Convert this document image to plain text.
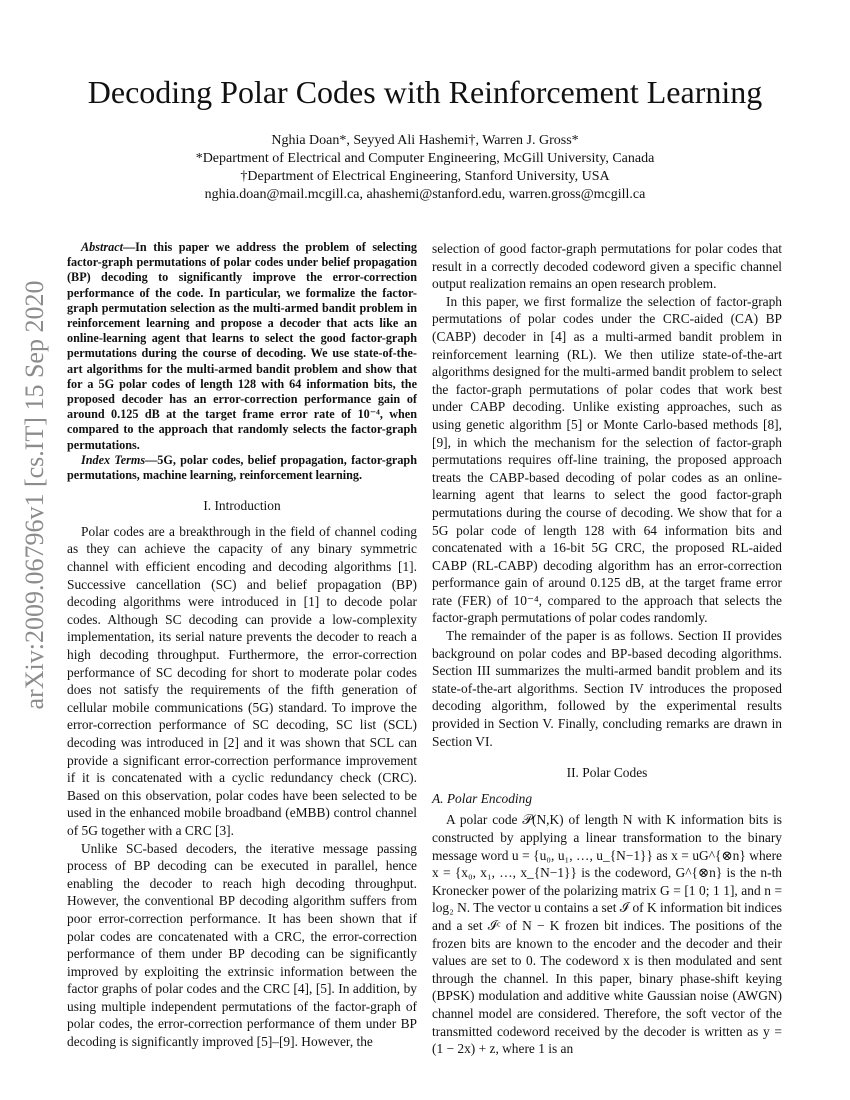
arXiv:2009.06796v1 [cs.IT] 15 Sep 2020
Decoding Polar Codes with Reinforcement Learning
Nghia Doan*, Seyyed Ali Hashemi†, Warren J. Gross*
*Department of Electrical and Computer Engineering, McGill University, Canada
†Department of Electrical Engineering, Stanford University, USA
nghia.doan@mail.mcgill.ca, ahashemi@stanford.edu, warren.gross@mcgill.ca

Abstract—In this paper we address the problem of selecting factor-graph permutations of polar codes under belief propagation (BP) decoding to significantly improve the error-correction performance of the code. In particular, we formalize the factor-graph permutation selection as the multi-armed bandit problem in reinforcement learning and propose a decoder that acts like an online-learning agent that learns to select the good factor-graph permutations during the course of decoding. We use state-of-the-art algorithms for the multi-armed bandit problem and show that for a 5G polar codes of length 128 with 64 information bits, the proposed decoder has an error-correction performance gain of around 0.125 dB at the target frame error rate of 10⁻⁴, when compared to the approach that randomly selects the factor-graph permutations.

Index Terms—5G, polar codes, belief propagation, factor-graph permutations, machine learning, reinforcement learning.

I. Introduction

Polar codes are a breakthrough in the field of channel coding as they can achieve the capacity of any binary symmetric channel with efficient encoding and decoding algorithms [1]. Successive cancellation (SC) and belief propagation (BP) decoding algorithms were introduced in [1] to decode polar codes. Although SC decoding can provide a low-complexity implementation, its serial nature prevents the decoder to reach a high decoding throughput. Furthermore, the error-correction performance of SC decoding for short to moderate polar codes does not satisfy the requirements of the fifth generation of cellular mobile communications (5G) standard. To improve the error-correction performance of SC decoding, SC list (SCL) decoding was introduced in [2] and it was shown that SCL can provide a significant error-correction performance improvement if it is concatenated with a cyclic redundancy check (CRC). Based on this observation, polar codes have been selected to be used in the enhanced mobile broadband (eMBB) control channel of 5G together with a CRC [3].

Unlike SC-based decoders, the iterative message passing process of BP decoding can be executed in parallel, hence enabling the decoder to reach high decoding throughput. However, the conventional BP decoding algorithm suffers from poor error-correction performance. It has been shown that if polar codes are concatenated with a CRC, the error-correction performance of them under BP decoding can be significantly improved by exploiting the extrinsic information between the factor graphs of polar codes and the CRC [4], [5]. In addition, by using multiple independent permutations of the factor-graph of polar codes, the error-correction performance of them under BP decoding is significantly improved [5]–[9]. However, the

selection of good factor-graph permutations for polar codes that result in a correctly decoded codeword given a specific channel output realization remains an open research problem.

In this paper, we first formalize the selection of factor-graph permutations of polar codes under the CRC-aided (CA) BP (CABP) decoder in [4] as a multi-armed bandit problem in reinforcement learning (RL). We then utilize state-of-the-art algorithms designed for the multi-armed bandit problem to select the factor-graph permutations of polar codes that work best under CABP decoding. Unlike existing approaches, such as using genetic algorithm [5] or Monte Carlo-based methods [8], [9], in which the mechanism for the selection of factor-graph permutations requires off-line training, the proposed approach treats the CABP-based decoding of polar codes as an online-learning agent that learns to select the good factor-graph permutations during the course of decoding. We show that for a 5G polar code of length 128 with 64 information bits and concatenated with a 16-bit 5G CRC, the proposed RL-aided CABP (RL-CABP) decoding algorithm has an error-correction performance gain of around 0.125 dB, at the target frame error rate (FER) of 10⁻⁴, compared to the approach that selects the factor-graph permutations of polar codes randomly.

The remainder of the paper is as follows. Section II provides background on polar codes and BP-based decoding algorithms. Section III summarizes the multi-armed bandit problem and its state-of-the-art algorithms. Section IV introduces the proposed decoding algorithm, followed by the experimental results provided in Section V. Finally, concluding remarks are drawn in Section VI.

II. Polar Codes
A. Polar Encoding

A polar code 𝒫(N,K) of length N with K information bits is constructed by applying a linear transformation to the binary message word u = {u₀, u₁, …, u_{N−1}} as x = uG^{⊗n} where x = {x₀, x₁, …, x_{N−1}} is the codeword, G^{⊗n} is the n-th Kronecker power of the polarizing matrix G = [1 0; 1 1], and n = log₂ N. The vector u contains a set ℐ of K information bit indices and a set ℐᶜ of N − K frozen bit indices. The positions of the frozen bits are known to the encoder and the decoder and their values are set to 0. The codeword x is then modulated and sent through the channel. In this paper, binary phase-shift keying (BPSK) modulation and additive white Gaussian noise (AWGN) channel model are considered. Therefore, the soft vector of the transmitted codeword received by the decoder is written as y = (1 − 2x) + z, where 1 is an
